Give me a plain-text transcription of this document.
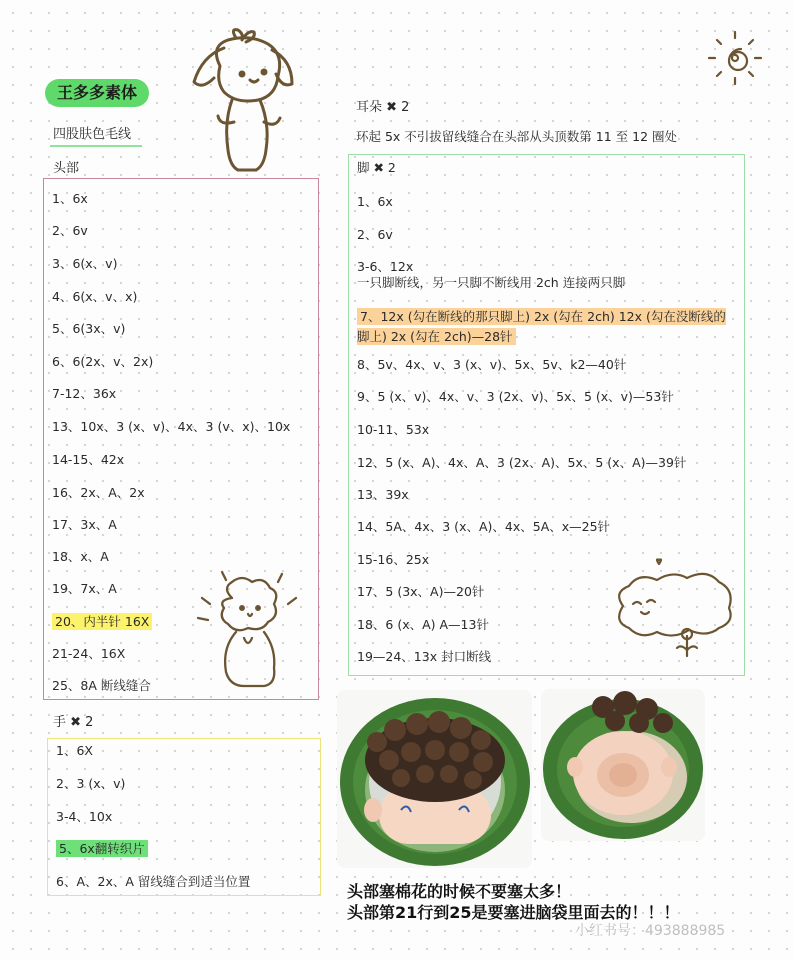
王多多素体
四股肤色毛线
头部
1、6x
2、6v
3、6(x、v)
4、6(x、v、x)
5、6(3x、v)
6、6(2x、v、2x)
7-12、36x
13、10x、3 (x、v)、4x、3 (v、x)、10x
14-15、42x
16、2x、A、2x
17、3x、A
18、x、A
19、7x、A
20、内半针 16X
21-24、16X
25、8A 断线缝合
手 ✖ 2
1、6X
2、3 (x、v)
3-4、10x
5、6x翻转织片
6、A、2x、A 留线缝合到适当位置
耳朵 ✖ 2
环起 5x 不引拔留线缝合在头部从头顶数第 11 至 12 圈处
脚 ✖ 2
1、6x
2、6v
3-6、12x
一只脚断线，另一只脚不断线用 2ch 连接两只脚
7、12x (勾在断线的那只脚上) 2x (勾在 2ch) 12x (勾在没断线的脚上) 2x (勾在 2ch)—28针
8、5v、4x、v、3 (x、v)、5x、5v、k2—40针
9、5 (x、v)、4x、v、3 (2x、v)、5x、5 (x、v)—53针
10-11、53x
12、5 (x、A)、4x、A、3 (2x、A)、5x、5 (x、A)—39针
13、39x
14、5A、4x、3 (x、A)、4x、5A、x—25针
15-16、25x
17、5 (3x、A)—20针
18、6 (x、A) A—13针
19—24、13x 封口断线
头部塞棉花的时候不要塞太多！
头部第21行到25是要塞进脑袋里面去的！！！
小红书号：493888985
